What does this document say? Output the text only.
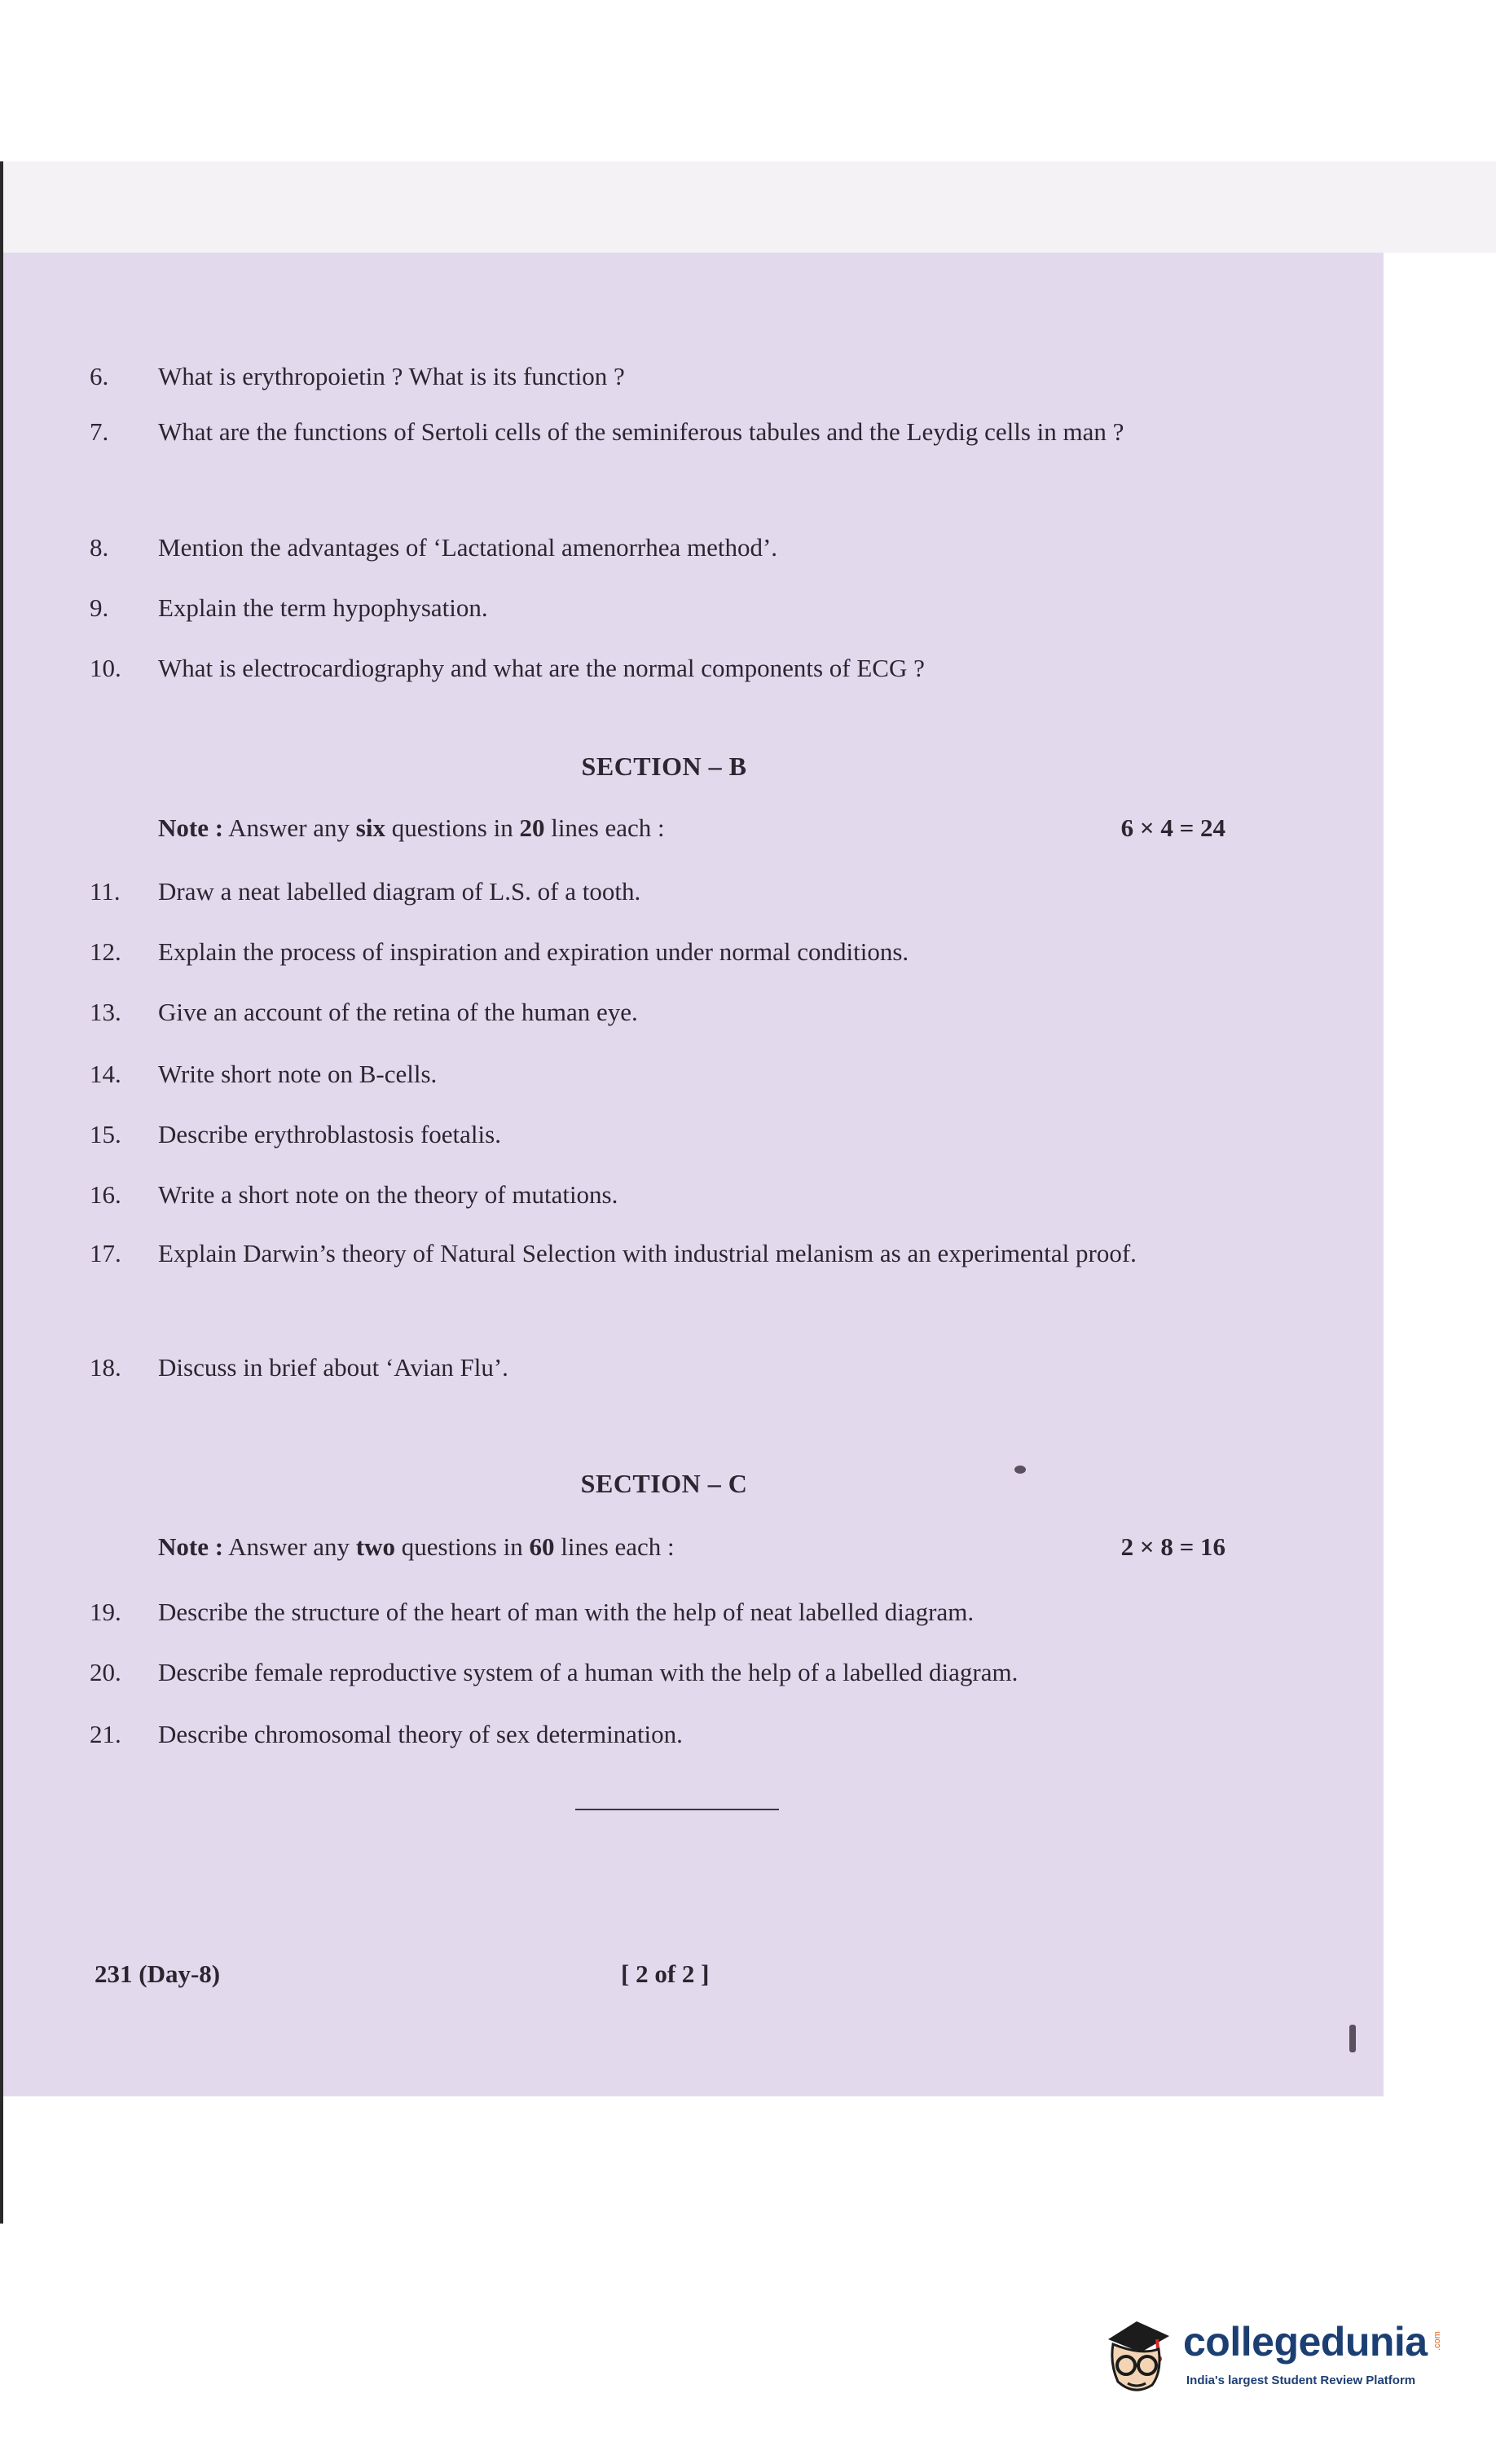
6.	What is erythropoietin ? What is its function ?
7.	What are the functions of Sertoli cells of the seminiferous tabules and the Leydig cells in man ?
8.	Mention the advantages of ‘Lactational amenorrhea method’.
9.	Explain the term hypophysation.
10.	What is electrocardiography and what are the normal components of ECG ?
SECTION – B
Note : Answer any six questions in 20 lines each :	6 × 4 = 24
11.	Draw a neat labelled diagram of L.S. of a tooth.
12.	Explain the process of inspiration and expiration under normal conditions.
13.	Give an account of the retina of the human eye.
14.	Write short note on B-cells.
15.	Describe erythroblastosis foetalis.
16.	Write a short note on the theory of mutations.
17.	Explain Darwin’s theory of Natural Selection with industrial melanism as an experimental proof.
18.	Discuss in brief about ‘Avian Flu’.
SECTION – C
Note : Answer any two questions in 60 lines each :	2 × 8 = 16
19.	Describe the structure of the heart of man with the help of neat labelled diagram.
20.	Describe female reproductive system of a human with the help of a labelled diagram.
21.	Describe chromosomal theory of sex determination.
231 (Day-8)	[ 2 of 2 ]
collegedunia .com
India's largest Student Review Platform
